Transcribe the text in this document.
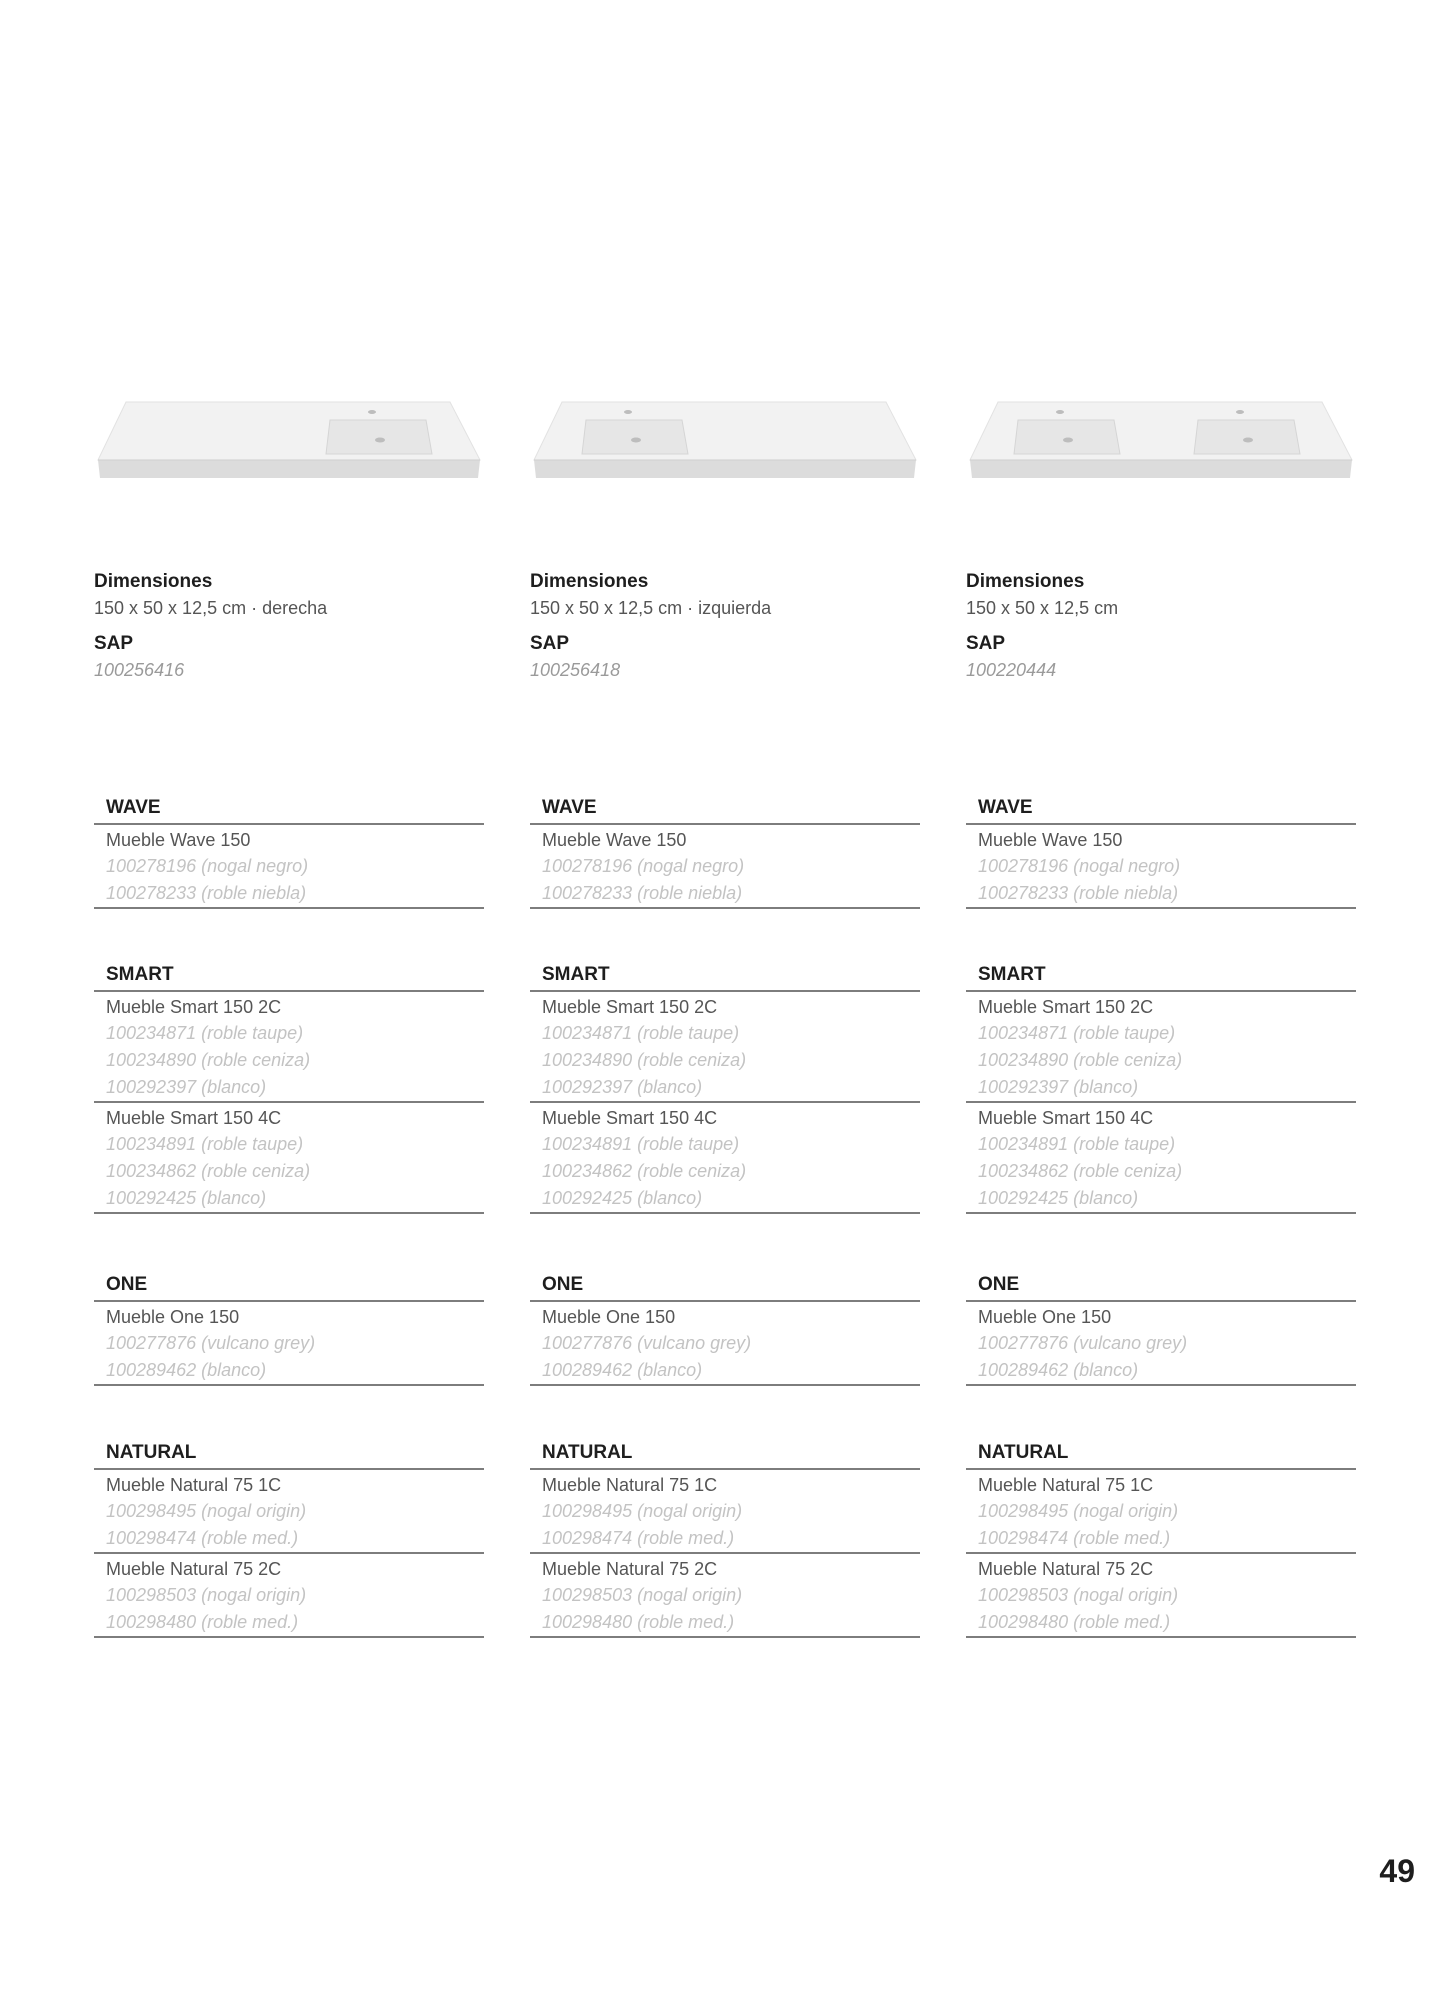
Dimensiones
150 x 50 x 12,5 cm · derecha
SAP
100256416
WAVE
Mueble Wave 150
100278196 (nogal negro)
100278233 (roble niebla)
SMART
Mueble Smart 150 2C
100234871 (roble taupe)
100234890 (roble ceniza)
100292397 (blanco)
Mueble Smart 150 4C
100234891 (roble taupe)
100234862 (roble ceniza)
100292425 (blanco)
ONE
Mueble One 150
100277876 (vulcano grey)
100289462 (blanco)
NATURAL
Mueble Natural 75 1C
100298495 (nogal origin)
100298474 (roble med.)
Mueble Natural 75 2C
100298503 (nogal origin)
100298480 (roble med.)
Dimensiones
150 x 50 x 12,5 cm · izquierda
SAP
100256418
WAVE
Mueble Wave 150
100278196 (nogal negro)
100278233 (roble niebla)
SMART
Mueble Smart 150 2C
100234871 (roble taupe)
100234890 (roble ceniza)
100292397 (blanco)
Mueble Smart 150 4C
100234891 (roble taupe)
100234862 (roble ceniza)
100292425 (blanco)
ONE
Mueble One 150
100277876 (vulcano grey)
100289462 (blanco)
NATURAL
Mueble Natural 75 1C
100298495 (nogal origin)
100298474 (roble med.)
Mueble Natural 75 2C
100298503 (nogal origin)
100298480 (roble med.)
Dimensiones
150 x 50 x 12,5 cm
SAP
100220444
WAVE
Mueble Wave 150
100278196 (nogal negro)
100278233 (roble niebla)
SMART
Mueble Smart 150 2C
100234871 (roble taupe)
100234890 (roble ceniza)
100292397 (blanco)
Mueble Smart 150 4C
100234891 (roble taupe)
100234862 (roble ceniza)
100292425 (blanco)
ONE
Mueble One 150
100277876 (vulcano grey)
100289462 (blanco)
NATURAL
Mueble Natural 75 1C
100298495 (nogal origin)
100298474 (roble med.)
Mueble Natural 75 2C
100298503 (nogal origin)
100298480 (roble med.)
49
